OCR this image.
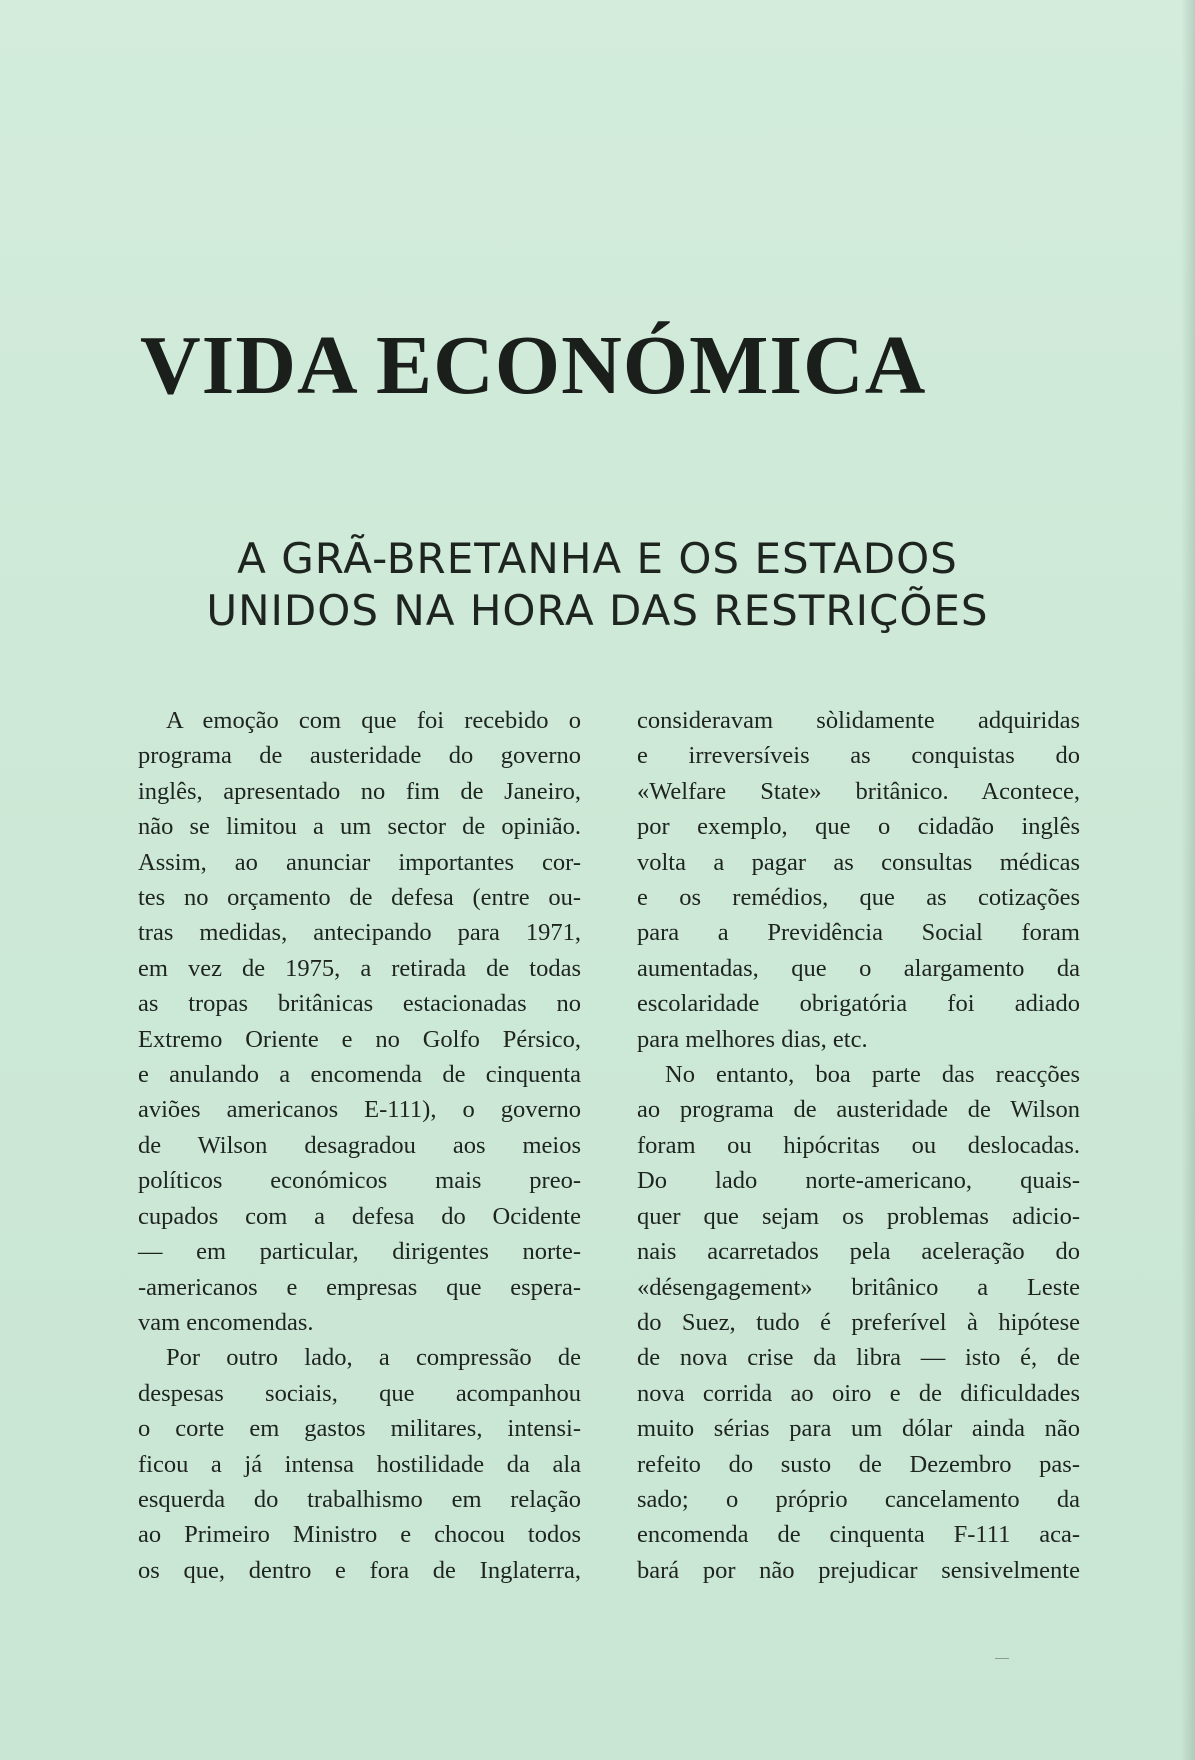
VIDA ECONÓMICA
A GRÃ-BRETANHA E OS ESTADOS
UNIDOS NA HORA DAS RESTRIÇÕES
A emoção com que foi recebido o
programa de austeridade do governo
inglês, apresentado no fim de Janeiro,
não se limitou a um sector de opinião.
Assim, ao anunciar importantes cor-
tes no orçamento de defesa (entre ou-
tras medidas, antecipando para 1971,
em vez de 1975, a retirada de todas
as tropas britânicas estacionadas no
Extremo Oriente e no Golfo Pérsico,
e anulando a encomenda de cinquenta
aviões americanos E-111), o governo
de Wilson desagradou aos meios
políticos económicos mais preo-
cupados com a defesa do Ocidente
— em particular, dirigentes norte-
-americanos e empresas que espera-
vam encomendas.
Por outro lado, a compressão de
despesas sociais, que acompanhou
o corte em gastos militares, intensi-
ficou a já intensa hostilidade da ala
esquerda do trabalhismo em relação
ao Primeiro Ministro e chocou todos
os que, dentro e fora de Inglaterra,
consideravam sòlidamente adquiridas
e irreversíveis as conquistas do
«Welfare State» britânico. Acontece,
por exemplo, que o cidadão inglês
volta a pagar as consultas médicas
e os remédios, que as cotizações
para a Previdência Social foram
aumentadas, que o alargamento da
escolaridade obrigatória foi adiado
para melhores dias, etc.
No entanto, boa parte das reacções
ao programa de austeridade de Wilson
foram ou hipócritas ou deslocadas.
Do lado norte-americano, quais-
quer que sejam os problemas adicio-
nais acarretados pela aceleração do
«désengagement» britânico a Leste
do Suez, tudo é preferível à hipótese
de nova crise da libra — isto é, de
nova corrida ao oiro e de dificuldades
muito sérias para um dólar ainda não
refeito do susto de Dezembro pas-
sado; o próprio cancelamento da
encomenda de cinquenta F-111 aca-
bará por não prejudicar sensivelmente
